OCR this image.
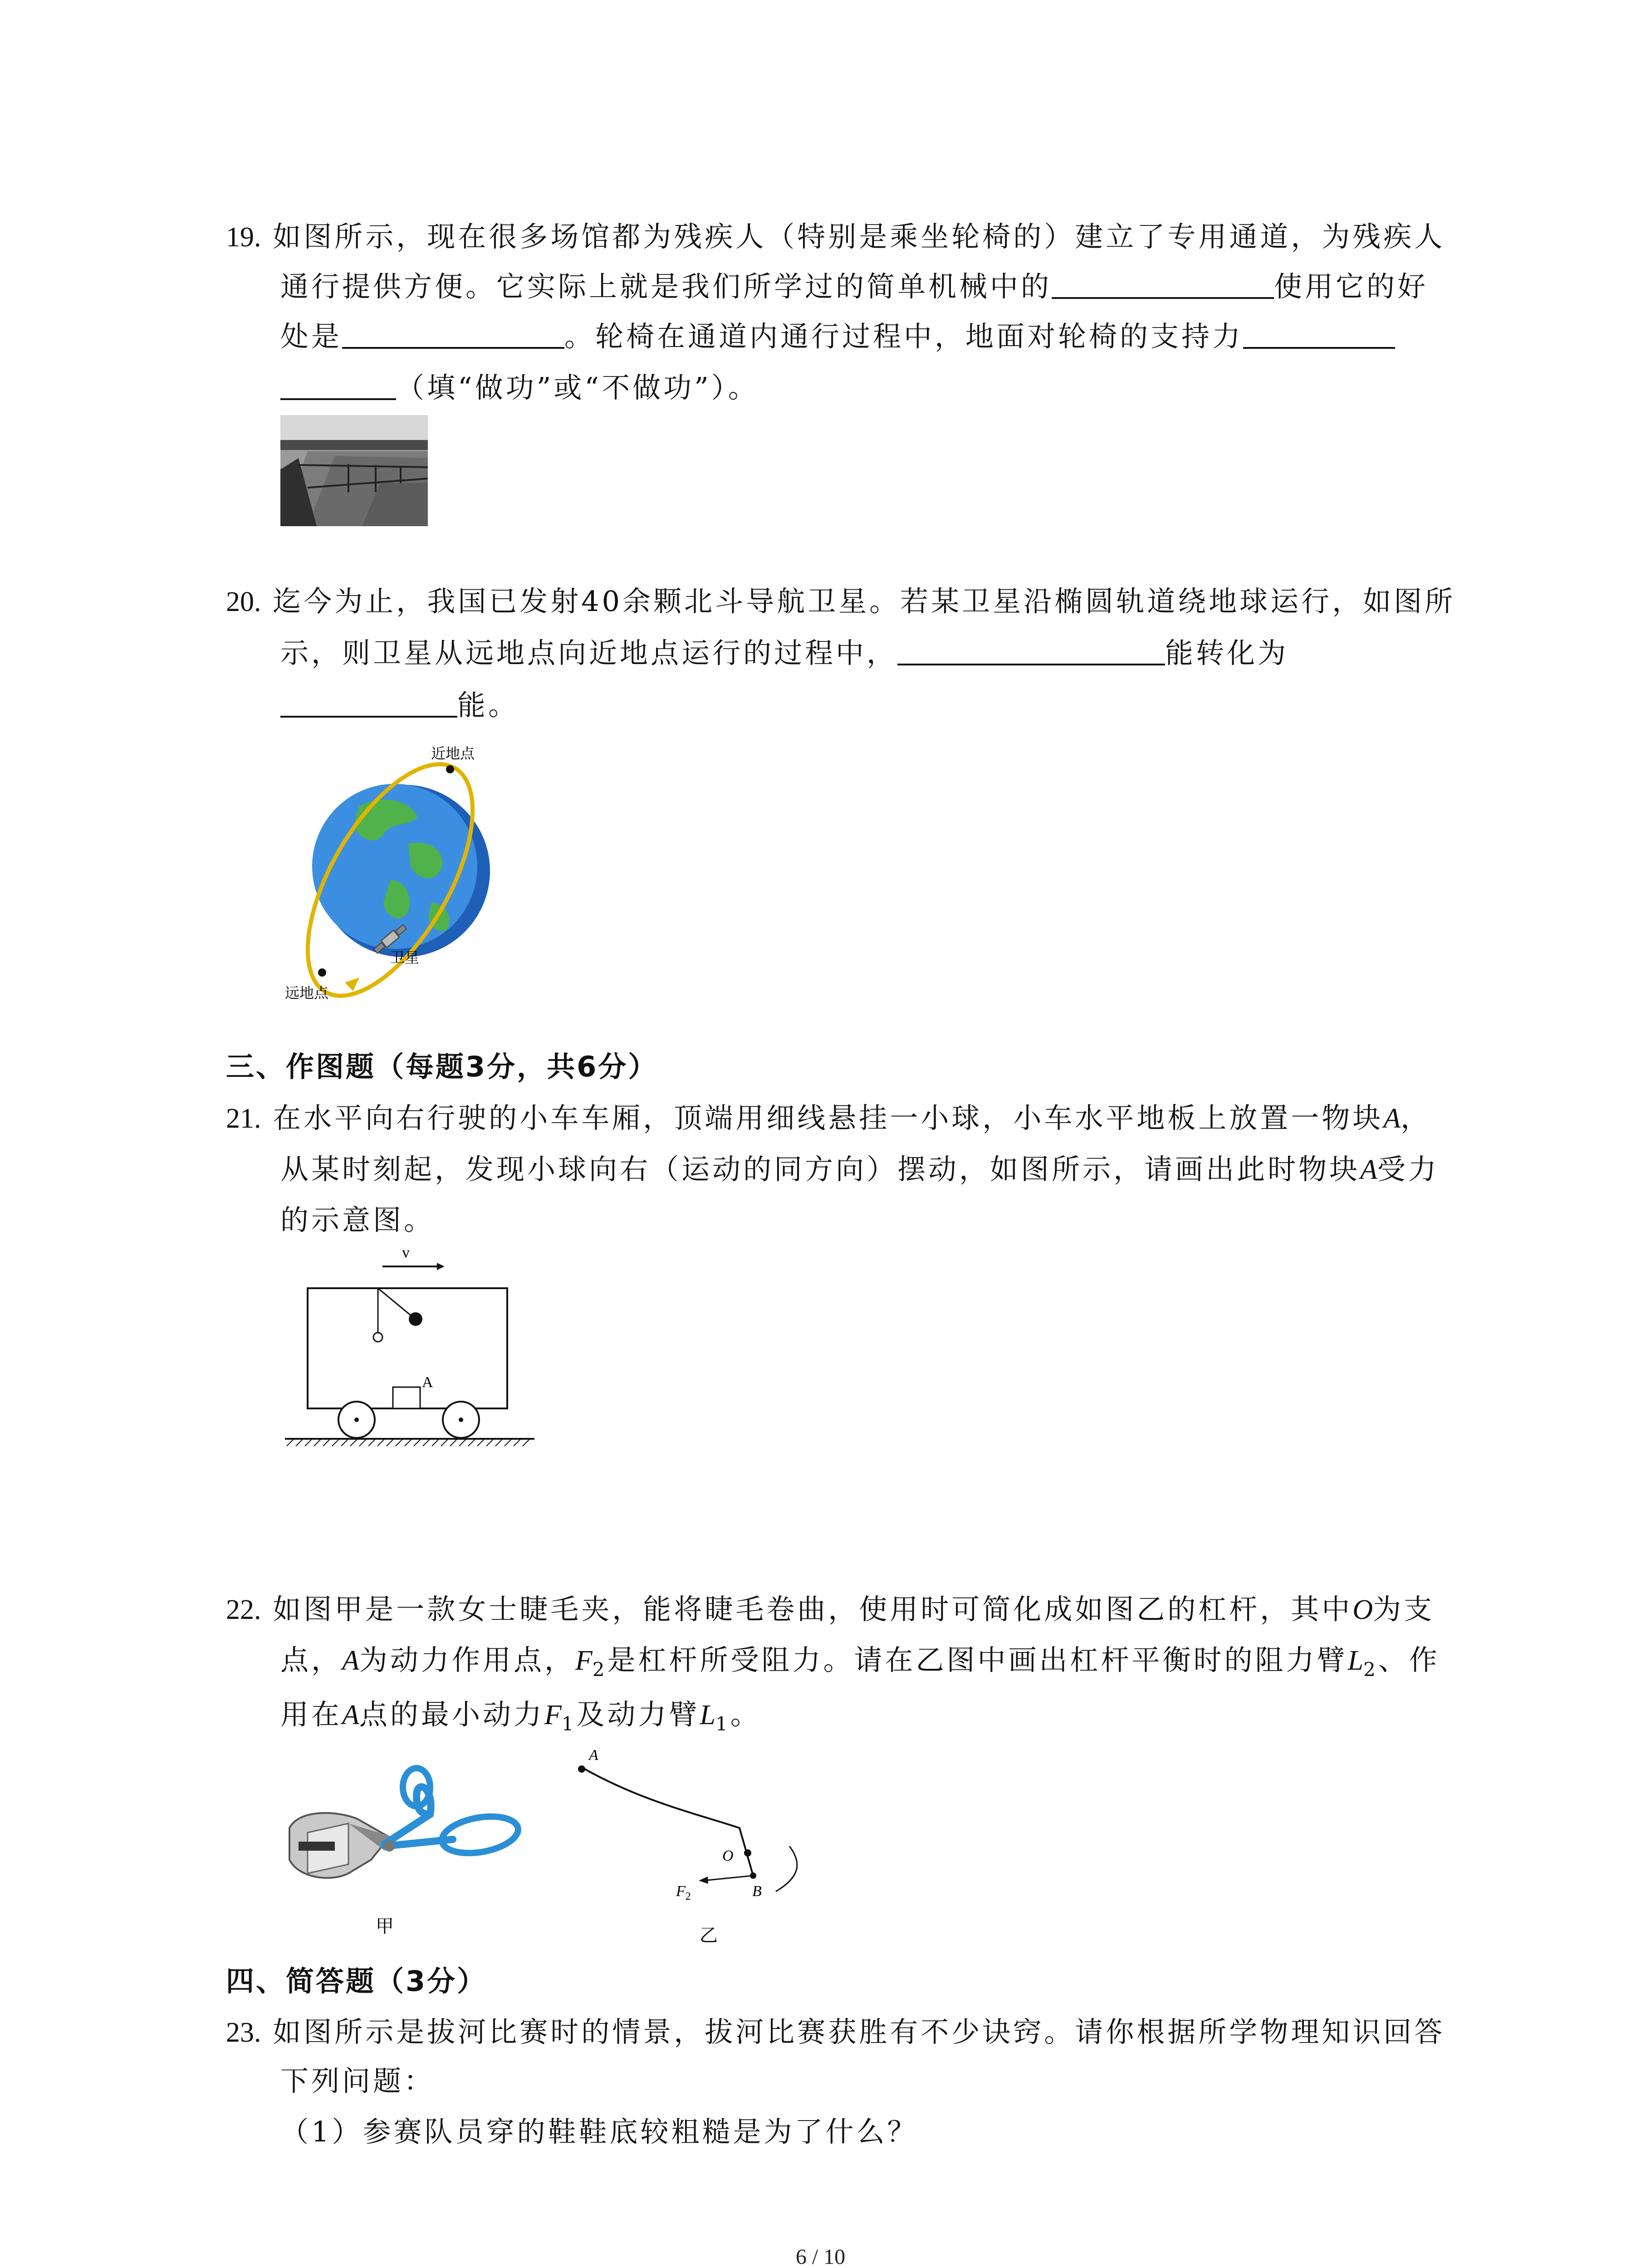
19. 如图所示，现在很多场馆都为残疾人（特别是乘坐轮椅的）建立了专用通道，为残疾人
通行提供方便。它实际上就是我们所学过的简单机械中的	使用它的好
处是	。轮椅在通道内通行过程中，地面对轮椅的支持力
（填“做功”或“不做功”）。
20. 迄今为止，我国已发射40余颗北斗导航卫星。若某卫星沿椭圆轨道绕地球运行，如图所
示，则卫星从远地点向近地点运行的过程中，	能转化为
能。
近地点
卫星
远地点
三、作图题（每题3分，共6分）
21. 在水平向右行驶的小车车厢，顶端用细线悬挂一小球，小车水平地板上放置一物块A，
从某时刻起，发现小球向右（运动的同方向）摆动，如图所示，请画出此时物块A受力
的示意图。
v
A
22. 如图甲是一款女士睫毛夹，能将睫毛卷曲，使用时可简化成如图乙的杠杆，其中O为支
点，A为动力作用点，$F_2$是杠杆所受阻力。请在乙图中画出杠杆平衡时的阻力臂$L_2$、作
用在A点的最小动力$F_1$及动力臂$L_1$。
甲
A
O
B
$F_2$
乙
四、简答题（3分）
23. 如图所示是拔河比赛时的情景，拔河比赛获胜有不少诀窍。请你根据所学物理知识回答
下列问题：
（1）参赛队员穿的鞋鞋底较粗糙是为了什么？
6 / 10
